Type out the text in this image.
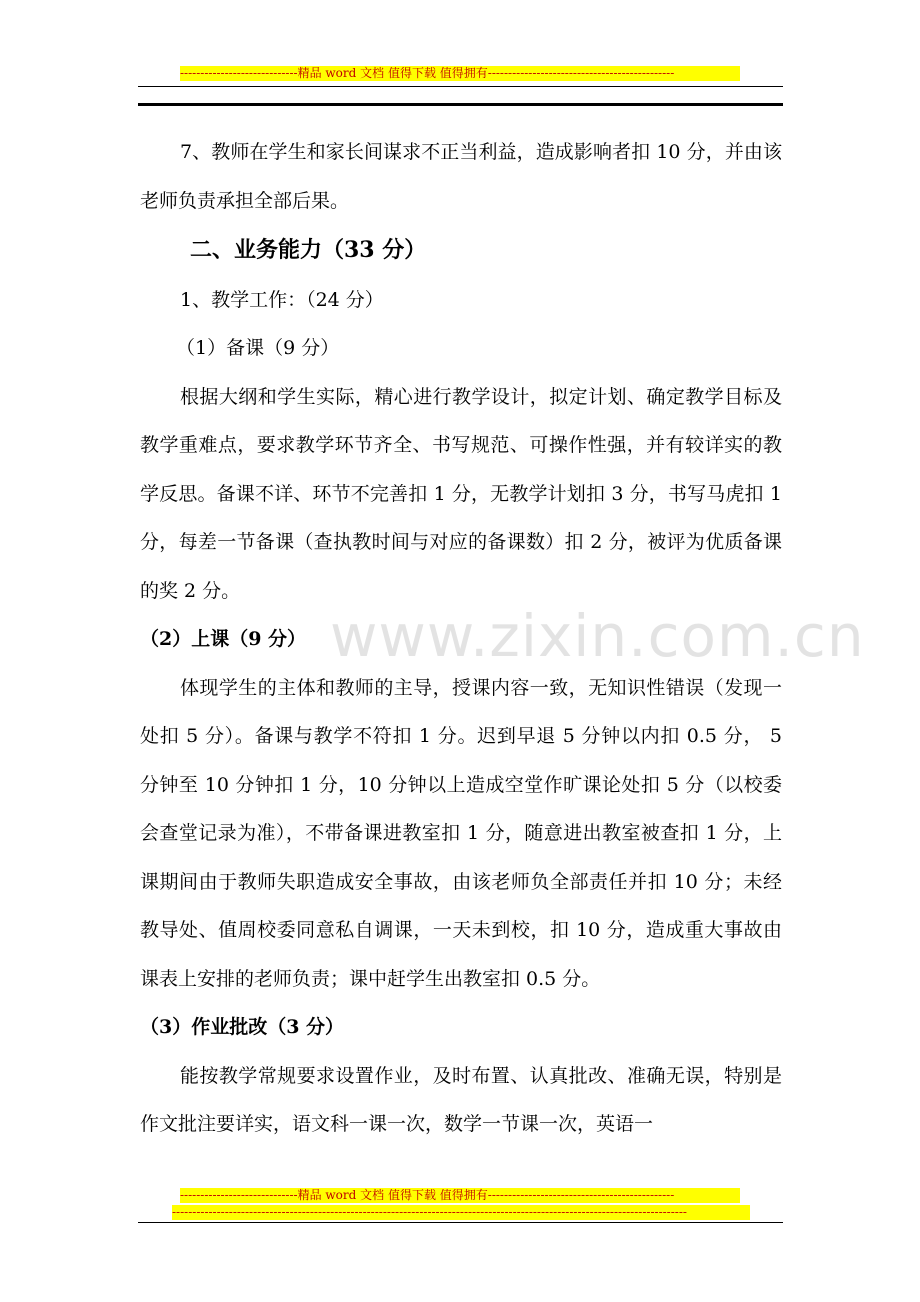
-----------------------------精品 word 文档 值得下载 值得拥有----------------------------------------------
www.zixin.com.cn

7、教师在学生和家长间谋求不正当利益，造成影响者扣 10 分，并由该老师负责承担全部后果。

二、业务能力（33 分）

1、教学工作：（24 分）

（1）备课（9 分）

根据大纲和学生实际，精心进行教学设计，拟定计划、确定教学目标及教学重难点，要求教学环节齐全、书写规范、可操作性强，并有较详实的教学反思。备课不详、环节不完善扣 1 分，无教学计划扣 3 分，书写马虎扣 1 分，每差一节备课（查执教时间与对应的备课数）扣 2 分，被评为优质备课的奖 2 分。

（2）上课（9 分）

体现学生的主体和教师的主导，授课内容一致，无知识性错误（发现一处扣 5 分）。备课与教学不符扣 1 分。迟到早退 5 分钟以内扣 0.5 分， 5 分钟至 10 分钟扣 1 分，10 分钟以上造成空堂作旷课论处扣 5 分（以校委会查堂记录为准），不带备课进教室扣 1 分，随意进出教室被查扣 1 分，上课期间由于教师失职造成安全事故，由该老师负全部责任并扣 10 分；未经教导处、值周校委同意私自调课，一天未到校，扣 10 分，造成重大事故由课表上安排的老师负责；课中赶学生出教室扣 0.5 分。

（3）作业批改（3 分）

能按教学常规要求设置作业，及时布置、认真批改、准确无误，特别是作文批注要详实，语文科一课一次，数学一节课一次，英语一

-----------------------------精品 word 文档 值得下载 值得拥有----------------------------------------------
-------------------------------------------------------------------------------------------------------------------------------
